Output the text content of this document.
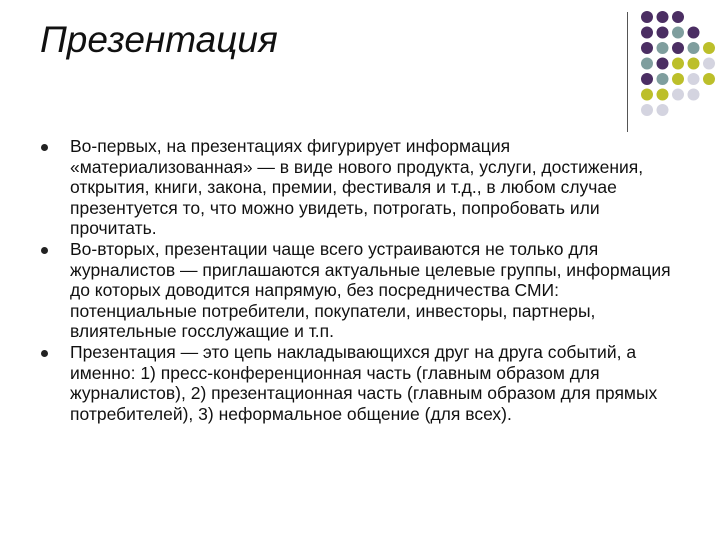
Презентация
Во-первых, на презентациях фигурирует информация «материализованная» — в виде нового продукта, услуги, достижения, открытия, книги, закона, премии, фестиваля и т.д., в любом случае презентуется то, что можно увидеть, потрогать, попробовать или прочитать.
Во-вторых, презентации чаще всего устраиваются не только для журналистов — приглашаются актуальные целевые группы, информация до которых доводится напрямую, без посредничества СМИ: потенциальные потребители, покупатели, инвесторы, партнеры, влиятельные госслужащие и т.п.
Презентация — это цепь накладывающихся друг на друга событий, а именно: 1) пресс-конференционная часть (главным образом для журналистов), 2) презентационная часть (главным образом для прямых потребителей), 3) неформальное общение (для всех).
